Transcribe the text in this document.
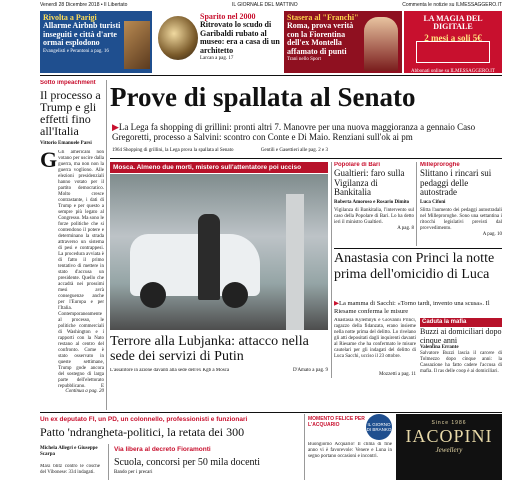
Venerdì 28 Dicembre 2018 • Il Libertato	IL GIORNALE DEL MATTINO	Commenta le notizie su ILMESSAGGERO.IT
Rivolta a Parigi
Allarme Airbnb turisti inseguiti e città d'arte ormai esplodono
Evangelisti e Perantoni a pag. 16
Sparito nel 2000
Ritrovato lo scudo di Garibaldi rubato al museo: era a casa di un architetto
Larcan a pag. 17
Stasera al "Franchi"
Roma, prova verità con la Fiorentina dell'ex Montella affamato di punti
Trani nello Sport
LA MAGIA DEL DIGITALE
2 mesi a soli 5€
Abbonati online su ILMESSAGGERO.IT
Sotto impeachment
Il processo a Trump e gli effetti fino all'Italia
Vittorio Emanuele Parsi
G Gli americani non votano per uscire dalla guerra, ma non non la guerra vogliono. Alle elezioni presidenziali hanno votato per il partito democratico. Molto cresce contrastante, i dati di Trump e per questo a sempre più legato al Congresso. Ma sono le forze politiche che si contendono il potere e determinano la strada attraverso un sistema di pesi e contrappesi. La procedura avviata è di fatto il primo tentativo di mettere in stato d'accusa un presidente. Quello che accadrà nei prossimi mesi avrà conseguenze anche per l'Europa e per l'Italia. Contemporaneamente al processo, le politiche commerciali di Washington e i rapporti con la Nato restano al centro del confronto. Come è stato osservato in queste settimane, Trump gode ancora del sostegno di larga parte dell'elettorato repubblicano. E
Continua a pag. 20
Prove di spallata al Senato
▶La Lega fa shopping di grillini: pronti altri 7. Manovre per una nuova maggioranza a gennaio Caso Gregoretti, processo a Salvini: scontro con Conte e Di Maio. Renziani sull'ok ai pm
1964 Shopping di grillini, la Lega prova la spallata al Senato	Gentili e Gasettieri alle pag. 2 e 3
Mosca. Almeno due morti, mistero sull'attentatore poi ucciso
Terrore alla Lubjanka: attacco nella sede dei servizi di Putin
L'assalitore in azione davanti alla sede dell'ex Kgb a Mosca	D'Amato a pag. 9
Popolare di Bari
Gualtieri: faro sulla Vigilanza di Bankitalia
Roberta Amoroso e Rosario Dimito
Vigilanza di Bankitalia, l'intervento sul caso della Popolare di Bari. Lo ha detto ieri il ministro Gualtieri.
A pag. 8
Milleproroghe
Slittano i rincari sui pedaggi delle autostrade
Luca Cifoni
Slitta l'aumento dei pedaggi autostradali nel Milleproroghe. Sono una settantina i ritocchi legislativi previsti dal provvedimento.
A pag. 10
Anastasia con Princi la notte prima dell'omicidio di Luca
▶La mamma di Sacchi: «Torno tardi, invento una scusa». Il Riesame conferma le misure
Anastasia Kylemnyk e Giovanni Princi, ragazzo della fidanzata, erano insieme nella notte prima del delitto. Lo rivelano gli atti depositati dagli inquirenti davanti al Riesame che ha confermato le misure cautelari per gli indagati del delitto di Luca Sacchi, ucciso il 23 ottobre.
Mozzetti a pag. 11
Caduta la mafia
Buzzi ai domiciliari dopo cinque anni
Valentina Errante
Salvatore Buzzi lascia il carcere di Tolmezzo dopo cinque anni: la Cassazione ha fatto cadere l'accusa di mafia. Il ras delle coop è ai domiciliari.
Un ex deputato FI, un PD, un colonnello, professionisti e funzionari
Patto 'ndrangheta-politici, la retata dei 300
Michela Allegri e Giuseppe Scarpa
Maxi blitz contro le cosche del Vibonese: 334 indagati.
Via libera al decreto Fioramonti
Scuola, concorsi per 50 mila docenti
Bando per i precari
MOMENTO FELICE PER L'ACQUARIO	IL GIORNO DI BRANKO
Buongiorno Acquario! Il clima di fine anno vi è favorevole: Venere e Luna in segno portano occasioni e incontri.
Since 1986
IACOPINI
Jewellery
